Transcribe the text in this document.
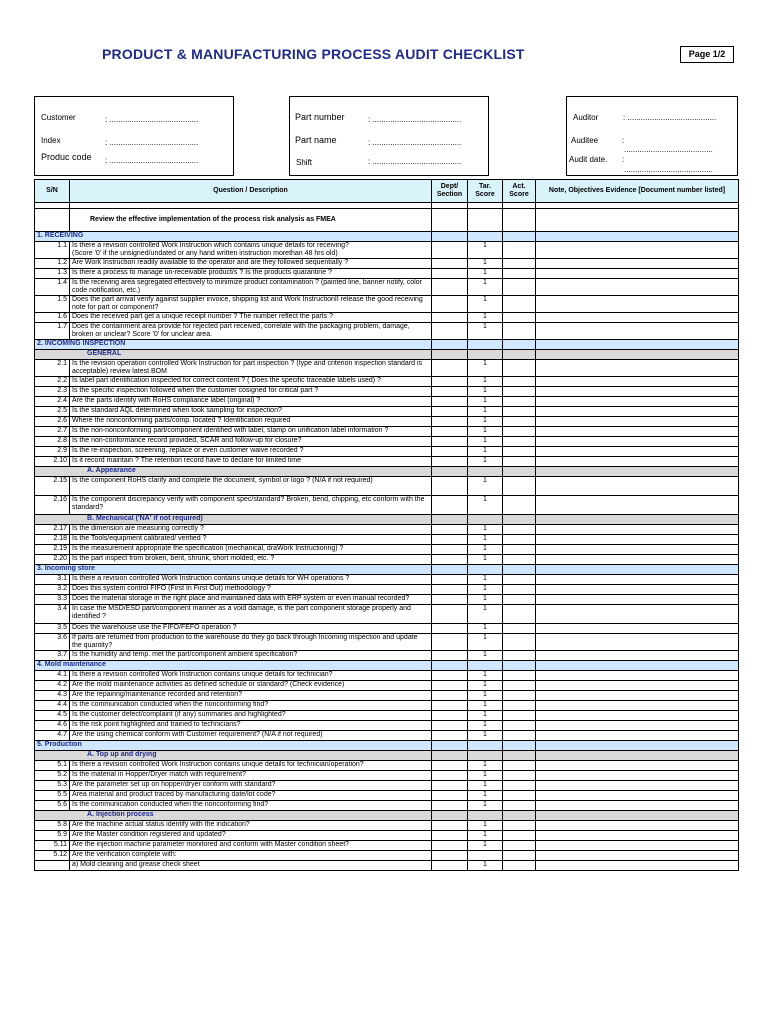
PRODUCT & MANUFACTURING PROCESS AUDIT CHECKLIST	Page 1/2
Customer	: ........................................
Index	: ........................................
Produc code : ........................................
Part number	: ........................................
Part name	: ........................................
Shift	: ........................................
Auditor	: ........................................
Auditee	:
........................................
Audit date. :
........................................
S/N	Question / Description	Dept/ Section	Tar. Score	Act. Score	Note, Objectives Evidence [Document number listed]

	Review the effective implementation of the process risk analysis as FMEA				
1. RECEIVING					
1.1	Is there a revision controlled Work Instruction which contains unique details for receiving?
(Score '0' if the unsigned/undated or any hand written instruction morethan 48 hrs old)		1		
1.2	Are Work Instruction readily available to the operator and are they followed sequentially ?		1		
1.3	Is there a process to manage un-receivable product/s ? Is the products quarantine ?		1		
1.4	Is the receiving area segregated effectively to minimize product contamination ? (painted line, banner notify, color code notification, etc.)		1		
1.5	Does the part arrival verify against supplier invoice, shipping list and Work InstructionII release the good receiving note for part or component?		1		
1.6	Does the received part get a unique receipt number ? The number reflect the parts ?		1		
1.7	Does the containment area provide for rejected part received, correlate with the packaging problem, damage, broken or unclear? Score '0' for unclear area.		1		
2. INCOMING INSPECTION					
GENERAL					
2.1	Is the revision operation controlled Work Instruction for part inspection ? (type and criterion inspection standard is acceptable) review latest BOM		1		
2.2	Is label part identification inspected for correct content ? ( Does the specific traceable labels used) ?		1		
2.3	Is the specific inspection followed when the customer cosigned for critical part ?		1		
2.4	Are the parts identify with RoHS compliance label (original) ?		1		
2.5	Is the standard AQL determined when took sampling for inspection?		1		
2.6	Where the nonconforming parts/comp. located ? Identification required		1		
2.7	Is the non-nonconforming part/component identified with label, stamp on unification label information ?		1		
2.8	Is the non-conformance record provided, SCAR and follow-up for closure?		1		
2.9	Is the re-inspection, screening, replace or even customer waive recorded ?		1		
2.10	Is it record maintain ? The retention record have to declare for limited time		1		
A. Appearance					
2.15	Is the component RoHS clarify and complete the document, symbol or logo ? (N/A if not required)		1		
2.16	Is the component discrepancy verify with component spec/standard? Broken, bend, chipping, etc conform with the standard?		1		
B. Mechanical ('NA' if not required)					
2.17	Is the dimension are measuring correctly ?		1		
2.18	Is the Tools/equipment calibrated/ verified ?		1		
2.19	Is the measurement appropriate the specification (mechanical, draWork Instructionng) ?		1		
2.20	Is the part inspect from broken, bent, shrunk, short molded, etc. ?		1		
3. Incoming store					
3.1	Is there a revision controlled Work Instruction contains unique details for WH operations ?		1		
3.2	Does this system control FIFO (First In First Out) methodology ?		1		
3.3	Does the material storage in the right place and maintained data with ERP system or even manual recorded?		1		
3.4	In case the MSD/ESD part/component manner as a void damage, is the part component storage properly and identified ?		1		
3.5	Does the warehouse use the FIFO/FEFO operation ?		1		
3.6	If parts are returned from production to the warehouse do they go back through Incoming inspection and update the quantity?		1		
3.7	Is the humidity and temp. met the part/component ambient specification?		1		
4. Mold maintenance					
4.1	Is there a revision controlled Work Instruction contains unique details for technician?		1		
4.2	Are the mold maintenance activities as defined schedule or standard? (Check evidence)		1		
4.3	Are the repairing/maintenance recorded and retention?		1		
4.4	Is the communication conducted when the nonconforming find?		1		
4.5	Is the customer defect/complaint (if any) summaries and highlighted?		1		
4.6	Is the risk point highlighted and trained to technicians?		1		
4.7	Are the using chemical conform with Customer requirement? (N/A if not required)		1		
5. Production					
A. Top up and drying					
5.1	Is there a revision controlled Work Instruction contains unique details for technician/operation?		1		
5.2	Is the material in Hopper/Dryer match with requirement?		1		
5.3	Are the parameter set up on hopper/dryer conform with standard?		1		
5.5	Area material and product traced by manufacturing date/lot code?		1		
5.6	Is the communication conducted when the nonconforming find?		1		
A. Injection process					
5.8	Are the machine actual status identify with the indication?		1		
5.9	Are the Master condition registered and updated?		1		
5.11	Are the injection machine parameter monitored and conform with Master condition sheet?		1		
5.12	Are the verification complete with:				
	a) Mold cleaning and grease check sheet		1		
